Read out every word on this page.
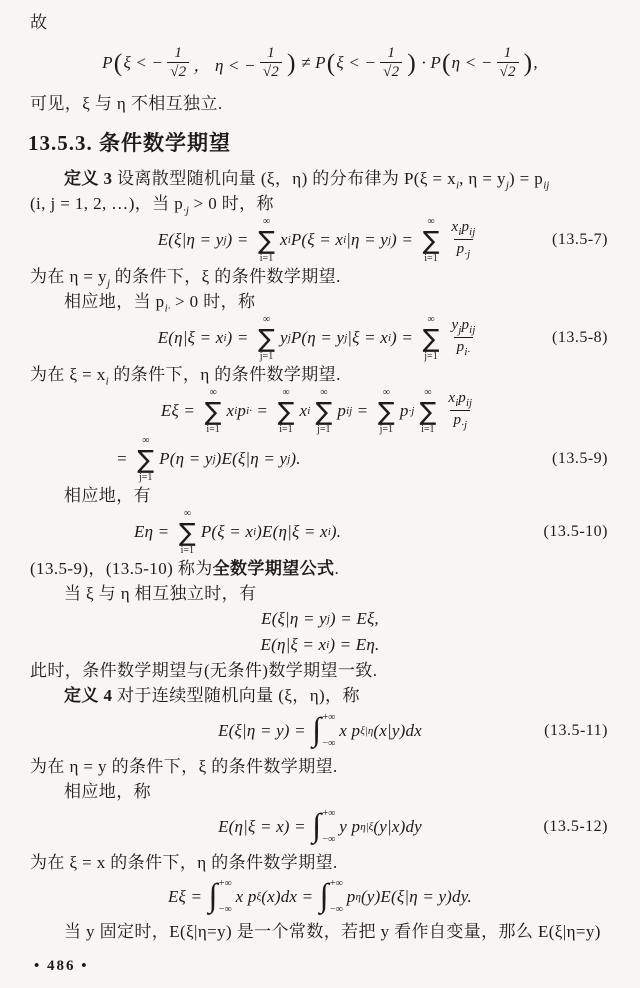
故

P ( ξ < − $\frac{1}{√2}$ ， η < − $\frac{1}{√2}$ ) ≠ P ( ξ < − $\frac{1}{√2}$ ) · P ( η < − $\frac{1}{√2}$ ) ,

可见，ξ 与 η 不相互独立.

13.5.3. 条件数学期望

定义 3 设离散型随机向量 (ξ，η) 的分布律为 $P(\xi = x_i$, $\eta = y_j) = p_{ij}$

(i, j = 1, 2, …)，当 $p_{\cdot j} > 0$ 时，称

E(ξ|η = y j ) =
∞
∑
i=1
x i P(ξ = x i |η = y j ) =
∞
∑
$i=1 \frac{x_ip_{ij}}{p_{\cdot j}}$	(13.5-7)

为在 $\eta = y_j$ 的条件下，ξ 的条件数学期望.

相应地，当 $p_{i\cdot} > 0$ 时，称

E(η|ξ = x i ) =
∞
∑
j=1
y j P(η = y j |ξ = x i ) =
∞
∑
$j=1 \frac{y_jp_{ij}}{p_{i\cdot}}$	(13.5-8)

为在 $\xi = x_i$ 的条件下，η 的条件数学期望.

Eξ =
∞
∑
i=1
x i p i· =
∞
∑
i=1
x i
∞
∑
j=1
p ij =
∞
∑
j=1
p ·j
∞
∑
$i=1 \frac{x_ip_{ij}}{p_{\cdot j}}$
=
∞
∑
j=1
P(η = y j )E(ξ|η = y j ).	(13.5-9)

相应地，有

Eη =
∞
∑
i=1
P(ξ = x i )E(η|ξ = x i ).	(13.5-10)

(13.5-9)，(13.5-10) 称为全数学期望公式.

当 ξ 与 η 相互独立时，有

E(ξ|η = y j ) = Eξ,
E(η|ξ = x i ) = Eη.

此时，条件数学期望与(无条件)数学期望一致.

定义 4 对于连续型随机向量 (ξ，η)，称

E(ξ|η = y) = ∫ +∞
−∞
x p ξ|η (x|y)dx	(13.5-11)

为在 η = y 的条件下，ξ 的条件数学期望.

相应地，称

E(η|ξ = x) = ∫ +∞
−∞
y p η|ξ (y|x)dy	(13.5-12)

为在 ξ = x 的条件下，η 的条件数学期望.

Eξ = ∫ +∞
−∞
x p ξ (x)dx = ∫ +∞
−∞
p η (y)E(ξ|η = y)dy.

当 y 固定时，E(ξ|η=y) 是一个常数，若把 y 看作自变量，那么 E(ξ|η=y)

• 486 •
